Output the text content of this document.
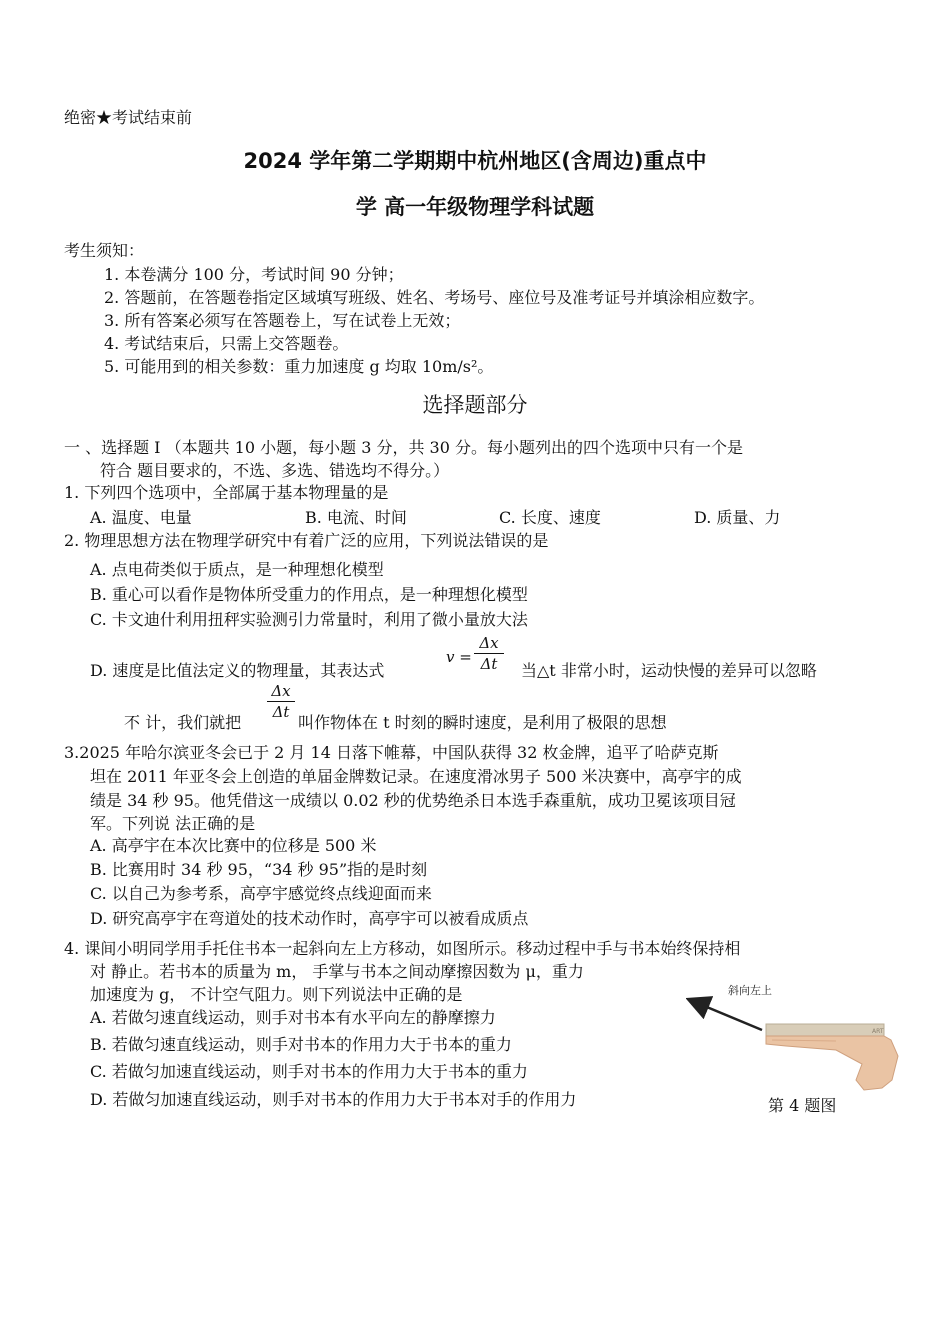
绝密★考试结束前
2024 学年第二学期期中杭州地区(含周边)重点中
学 高一年级物理学科试题
考生须知：
1. 本卷满分 100 分，考试时间 90 分钟；
2. 答题前，在答题卷指定区域填写班级、姓名、考场号、座位号及准考证号并填涂相应数字。
3. 所有答案必须写在答题卷上，写在试卷上无效；
4. 考试结束后，只需上交答题卷。
5. 可能用到的相关参数：重力加速度 g 均取 10m/s²。
选择题部分
一 、选择题 I （本题共 10 小题，每小题 3 分，共 30 分。每小题列出的四个选项中只有一个是
符合 题目要求的，不选、多选、错选均不得分。）
1. 下列四个选项中，全部属于基本物理量的是
A. 温度、电量	B. 电流、时间	C. 长度、速度	D. 质量、力
2. 物理思想方法在物理学研究中有着广泛的应用，下列说法错误的是
A. 点电荷类似于质点，是一种理想化模型
B. 重心可以看作是物体所受重力的作用点，是一种理想化模型
C. 卡文迪什利用扭秤实验测引力常量时，利用了微小量放大法
D. 速度是比值法定义的物理量，其表达式
v =
Δx
Δt	当△t 非常小时，运动快慢的差异可以忽略
Δx
Δt
不 计，我们就把	叫作物体在 t 时刻的瞬时速度，是利用了极限的思想
3.2025 年哈尔滨亚冬会已于 2 月 14 日落下帷幕，中国队获得 32 枚金牌，追平了哈萨克斯
坦在 2011 年亚冬会上创造的单届金牌数记录。在速度滑冰男子 500 米决赛中，高亭宇的成
绩是 34 秒 95。他凭借这一成绩以 0.02 秒的优势绝杀日本选手森重航，成功卫冕该项目冠
军。下列说 法正确的是
A. 高亭宇在本次比赛中的位移是 500 米
B. 比赛用时 34 秒 95，“34 秒 95”指的是时刻
C. 以自己为参考系，高亭宇感觉终点线迎面而来
D. 研究高亭宇在弯道处的技术动作时，高亭宇可以被看成质点
4. 课间小明同学用手托住书本一起斜向左上方移动，如图所示。移动过程中手与书本始终保持相
对 静止。若书本的质量为 m， 手掌与书本之间动摩擦因数为 μ，重力
加速度为 g， 不计空气阻力。则下列说法中正确的是
A. 若做匀速直线运动，则手对书本有水平向左的静摩擦力
B. 若做匀速直线运动，则手对书本的作用力大于书本的重力
C. 若做匀加速直线运动，则手对书本的作用力大于书本的重力
D. 若做匀加速直线运动，则手对书本的作用力大于书本对手的作用力
斜向左上
ART
第 4 题图
